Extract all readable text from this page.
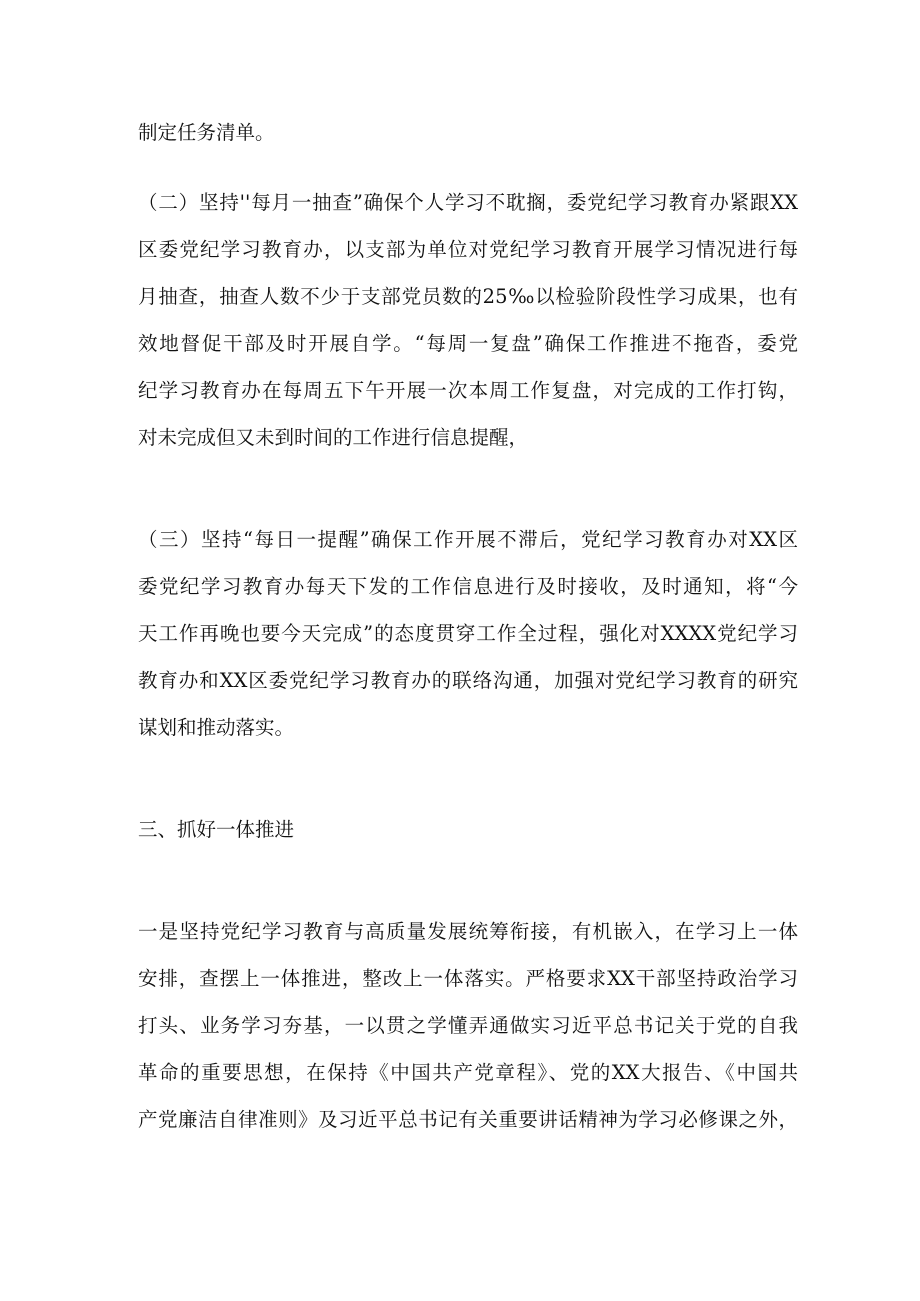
制定任务清单。
（二）坚持''每月一抽查”确保个人学习不耽搁，委党纪学习教育办紧跟XX
区委党纪学习教育办，以支部为单位对党纪学习教育开展学习情况进行每
月抽查，抽查人数不少于支部党员数的25‰以检验阶段性学习成果，也有
效地督促干部及时开展自学。“每周一复盘”确保工作推进不拖沓，委党
纪学习教育办在每周五下午开展一次本周工作复盘，对完成的工作打钩，
对未完成但又未到时间的工作进行信息提醒，
（三）坚持“每日一提醒”确保工作开展不滞后，党纪学习教育办对XX区
委党纪学习教育办每天下发的工作信息进行及时接收，及时通知，将“今
天工作再晚也要今天完成”的态度贯穿工作全过程，强化对XXXX党纪学习
教育办和XX区委党纪学习教育办的联络沟通，加强对党纪学习教育的研究
谋划和推动落实。
三、抓好一体推进
一是坚持党纪学习教育与高质量发展统筹衔接，有机嵌入，在学习上一体
安排，查摆上一体推进，整改上一体落实。严格要求XX干部坚持政治学习
打头、业务学习夯基，一以贯之学懂弄通做实习近平总书记关于党的自我
革命的重要思想，在保持《中国共产党章程》、党的XX大报告、《中国共
产党廉洁自律准则》及习近平总书记有关重要讲话精神为学习必修课之外，
